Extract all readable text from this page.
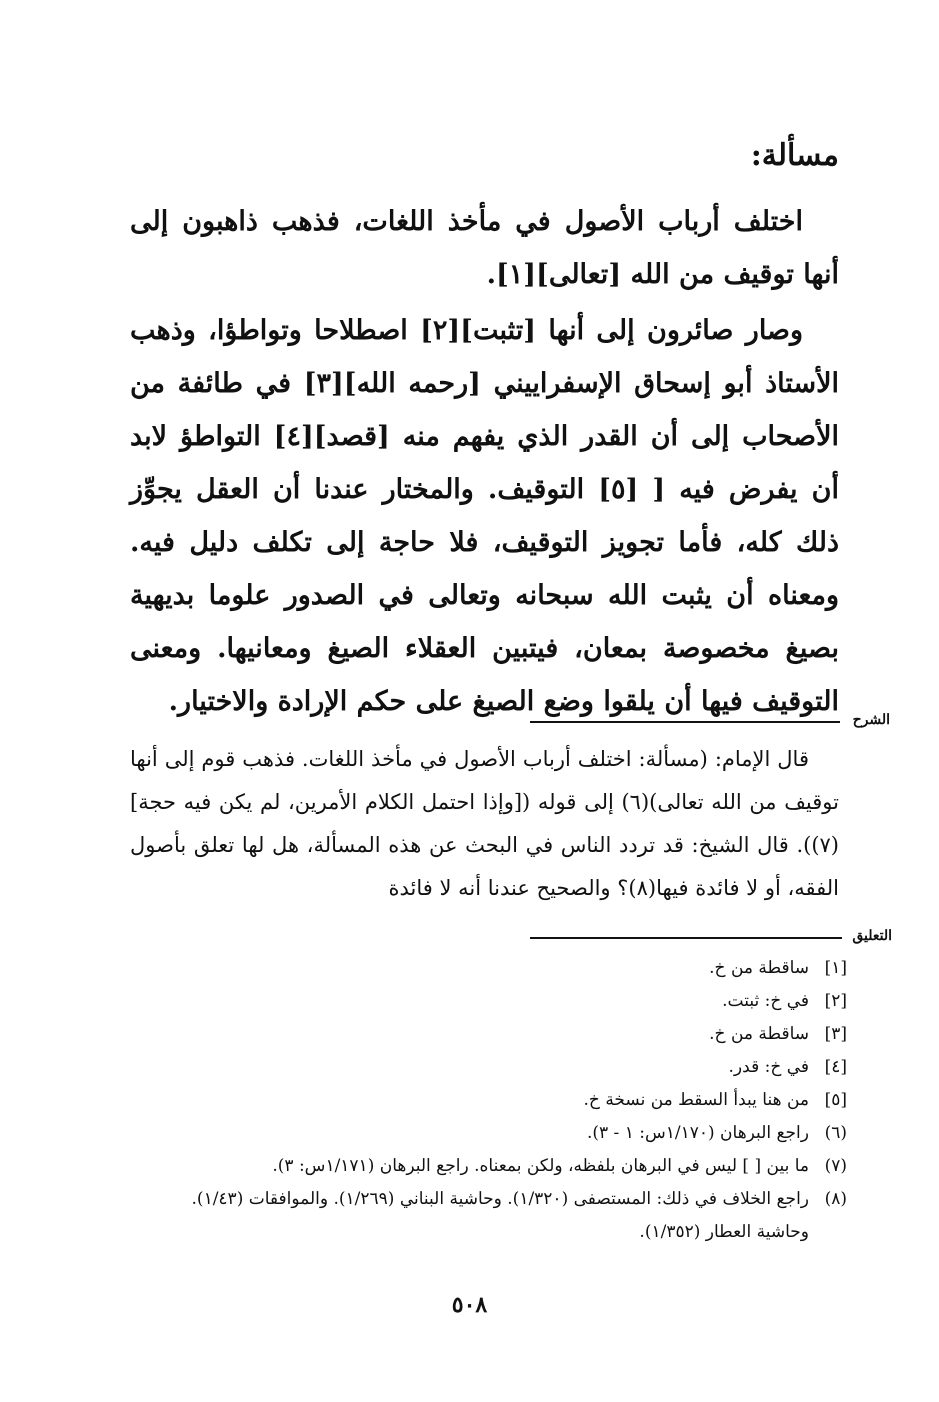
مسألة:

اختلف أرباب الأصول في مأخذ اللغات، فذهب ذاهبون إلى أنها توقيف من الله [تعالى][١].

وصار صائرون إلى أنها [تثبت][٢] اصطلاحا وتواطؤا، وذهب الأستاذ أبو إسحاق الإسفراييني [رحمه الله][٣] في طائفة من الأصحاب إلى أن القدر الذي يفهم منه [قصد][٤] التواطؤ لابد أن يفرض فيه [ [٥] التوقيف. والمختار عندنا أن العقل يجوِّز ذلك كله، فأما تجويز التوقيف، فلا حاجة إلى تكلف دليل فيه. ومعناه أن يثبت الله سبحانه وتعالى في الصدور علوما بديهية بصيغ مخصوصة بمعان، فيتبين العقلاء الصيغ ومعانيها. ومعنى التوقيف فيها أن يلقوا وضع الصيغ على حكم الإرادة والاختيار.

الشرح

قال الإمام: (مسألة: اختلف أرباب الأصول في مأخذ اللغات. فذهب قوم إلى أنها توقيف من الله تعالى)(٦) إلى قوله ([وإذا احتمل الكلام الأمرين، لم يكن فيه حجة](٧)). قال الشيخ: قد تردد الناس في البحث عن هذه المسألة، هل لها تعلق بأصول الفقه، أو لا فائدة فيها(٨)؟ والصحيح عندنا أنه لا فائدة

التعليق
[١]
ساقطة من خ.
[٢]
في خ: ثبتت.
[٣]
ساقطة من خ.
[٤]
في خ: قدر.
[٥]
من هنا يبدأ السقط من نسخة خ.
(٦)
راجع البرهان (١/١٧٠س: ١ - ٣).
(٧)
ما بين [ ] ليس في البرهان بلفظه، ولكن بمعناه. راجع البرهان (١/١٧١س: ٣).
(٨)
راجع الخلاف في ذلك: المستصفى (١/٣٢٠). وحاشية البناني (١/٢٦٩). والموافقات (١/٤٣). وحاشية العطار (١/٣٥٢).
٥٠٨
